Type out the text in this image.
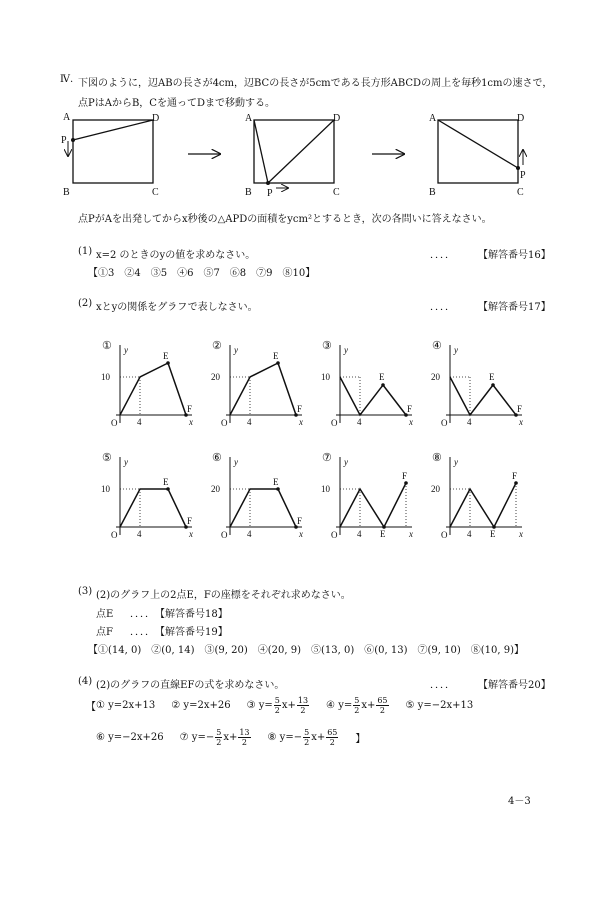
Ⅳ. 下図のように，辺ABの長さが4cm，辺BCの長さが5cmである長方形ABCDの周上を毎秒1cmの速さで，
点PはAからB，Cを通ってDまで移動する。
A
P
B	C
D	A
B P	C
D	A
B	C
D
P
点PがAを出発してからx秒後の△APDの面積をycm²とするとき，次の各問いに答えなさい。
(1) x=2 のときのyの値を求めなさい。	．．．． 【解答番号16】
【①3　②4　③5　④6　⑤7　⑥8　⑦9　⑧10】
(2) xとyの関係をグラフで表しなさい。	．．．． 【解答番号17】
① y
x
O 4
10
E
F
② y
x
O 4
20
E
F
③ y
x
O 4
10	E
F
④ y
x
O 4
20	E
F
⑤ y
x
O 4
10
E
F
⑥ y
x
O 4
20
E
F
⑦ y
x
O 4
10
E
F
⑧ y
x
O 4
20
E
F
(3) (2)のグラフ上の2点E，Fの座標をそれぞれ求めなさい。
点E ．．．．　【解答番号18】
点F ．．．．　【解答番号19】
【①(14, 0)　②(0, 14)　③(9, 20)　④(20, 9)　⑤(13, 0)　⑥(0, 13)　⑦(9, 10)　⑧(10, 9)】
(4) (2)のグラフの直線EFの式を求めなさい。	．．．． 【解答番号20】
【 ① y=2x+13 ② y=2x+26 ③ $y= \frac{5}{2} x+ \frac{13}{2}$ ④ $y= \frac{5}{2} x+ \frac{65}{2}$ ⑤ y=−2x+13
⑥ y=−2x+26 ⑦ $y=- \frac{5}{2} x+ \frac{13}{2}$ ⑧ $y=- \frac{5}{2} x+ \frac{65}{2}$ 】
4－3
